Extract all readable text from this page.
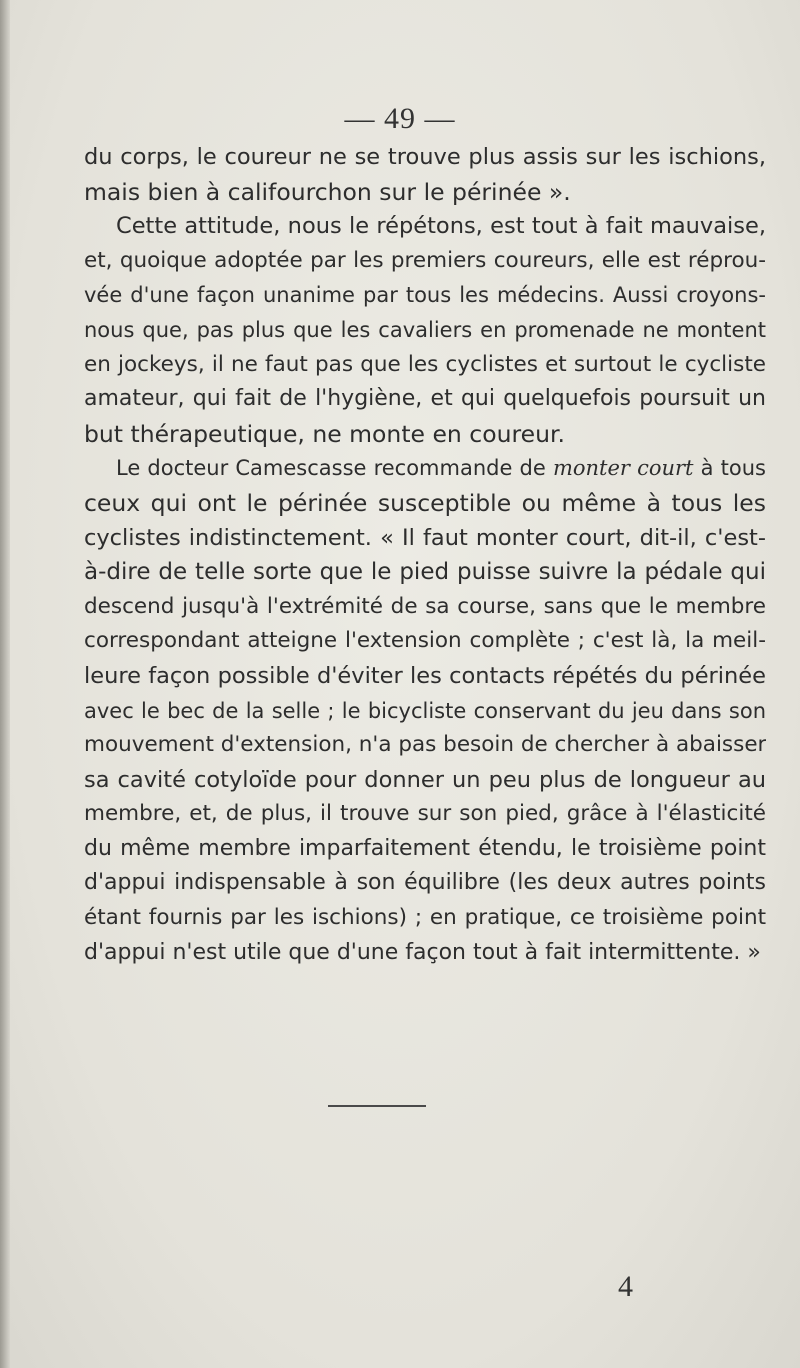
— 49 —
du corps, le coureur ne se trouve plus assis sur les ischions,
mais bien à califourchon sur le périnée ».
Cette attitude, nous le répétons, est tout à fait mauvaise,
et, quoique adoptée par les premiers coureurs, elle est réprou-
vée d'une façon unanime par tous les médecins. Aussi croyons-
nous que, pas plus que les cavaliers en promenade ne montent
en jockeys, il ne faut pas que les cyclistes et surtout le cycliste
amateur, qui fait de l'hygiène, et qui quelquefois poursuit un
but thérapeutique, ne monte en coureur.
Le docteur Camescasse recommande de monter court à tous
ceux qui ont le périnée susceptible ou même à tous les
cyclistes indistinctement. « Il faut monter court, dit-il, c'est-
à-dire de telle sorte que le pied puisse suivre la pédale qui
descend jusqu'à l'extrémité de sa course, sans que le membre
correspondant atteigne l'extension complète ; c'est là, la meil-
leure façon possible d'éviter les contacts répétés du périnée
avec le bec de la selle ; le bicycliste conservant du jeu dans son
mouvement d'extension, n'a pas besoin de chercher à abaisser
sa cavité cotyloïde pour donner un peu plus de longueur au
membre, et, de plus, il trouve sur son pied, grâce à l'élasticité
du même membre imparfaitement étendu, le troisième point
d'appui indispensable à son équilibre (les deux autres points
étant fournis par les ischions) ; en pratique, ce troisième point
d'appui n'est utile que d'une façon tout à fait intermittente. »
4
